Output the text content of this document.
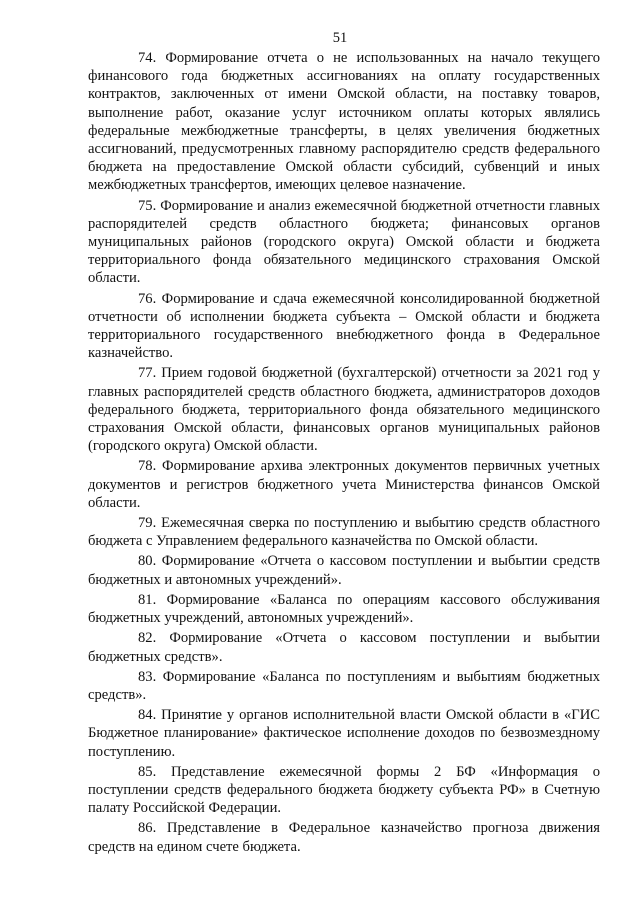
51

74. Формирование отчета о не использованных на начало текущего финансового года бюджетных ассигнованиях на оплату государственных контрактов, заключенных от имени Омской области, на поставку товаров, выполнение работ, оказание услуг источником оплаты которых являлись федеральные межбюджетные трансферты, в целях увеличения бюджетных ассигнований, предусмотренных главному распорядителю средств федерального бюджета на предоставление Омской области субсидий, субвенций и иных межбюджетных трансфертов, имеющих целевое назначение.

75. Формирование и анализ ежемесячной бюджетной отчетности главных распорядителей средств областного бюджета; финансовых органов муниципальных районов (городского округа) Омской области и бюджета территориального фонда обязательного медицинского страхования Омской области.

76. Формирование и сдача ежемесячной консолидированной бюджетной отчетности об исполнении бюджета субъекта – Омской области и бюджета территориального государственного внебюджетного фонда в Федеральное казначейство.

77. Прием годовой бюджетной (бухгалтерской) отчетности за 2021 год у главных распорядителей средств областного бюджета, администраторов доходов федерального бюджета, территориального фонда обязательного медицинского страхования Омской области, финансовых органов муниципальных районов (городского округа) Омской области.

78. Формирование архива электронных документов первичных учетных документов и регистров бюджетного учета Министерства финансов Омской области.

79. Ежемесячная сверка по поступлению и выбытию средств областного бюджета с Управлением федерального казначейства по Омской области.

80. Формирование «Отчета о кассовом поступлении и выбытии средств бюджетных и автономных учреждений».

81. Формирование «Баланса по операциям кассового обслуживания бюджетных учреждений, автономных учреждений».

82. Формирование «Отчета о кассовом поступлении и выбытии бюджетных средств».

83. Формирование «Баланса по поступлениям и выбытиям бюджетных средств».

84. Принятие у органов исполнительной власти Омской области в «ГИС Бюджетное планирование» фактическое исполнение доходов по безвозмездному поступлению.

85. Представление ежемесячной формы 2 БФ «Информация о поступлении средств федерального бюджета бюджету субъекта РФ» в Счетную палату Российской Федерации.

86. Представление в Федеральное казначейство прогноза движения средств на едином счете бюджета.
